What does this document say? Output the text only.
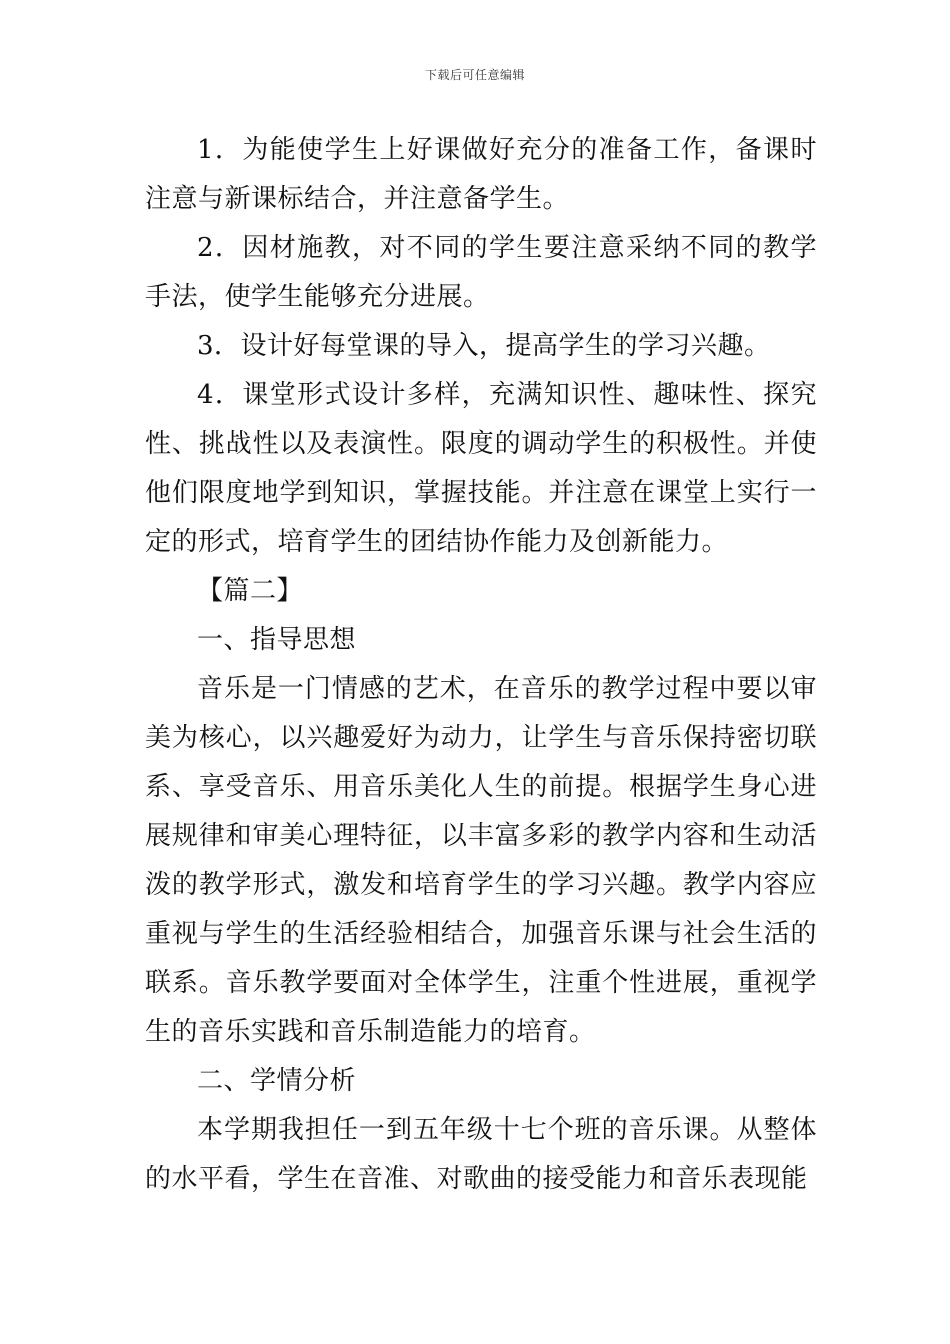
下载后可任意编辑

1．为能使学生上好课做好充分的准备工作，备课时注意与新课标结合，并注意备学生。

2．因材施教，对不同的学生要注意采纳不同的教学手法，使学生能够充分进展。

3．设计好每堂课的导入，提高学生的学习兴趣。

4．课堂形式设计多样，充满知识性、趣味性、探究性、挑战性以及表演性。限度的调动学生的积极性。并使他们限度地学到知识，掌握技能。并注意在课堂上实行一定的形式，培育学生的团结协作能力及创新能力。

【篇二】

一、指导思想

音乐是一门情感的艺术，在音乐的教学过程中要以审美为核心，以兴趣爱好为动力，让学生与音乐保持密切联系、享受音乐、用音乐美化人生的前提。根据学生身心进展规律和审美心理特征，以丰富多彩的教学内容和生动活泼的教学形式，激发和培育学生的学习兴趣。教学内容应重视与学生的生活经验相结合，加强音乐课与社会生活的联系。音乐教学要面对全体学生，注重个性进展，重视学生的音乐实践和音乐制造能力的培育。

二、学情分析

本学期我担任一到五年级十七个班的音乐课。从整体的水平看，学生在音准、对歌曲的接受能力和音乐表现能
